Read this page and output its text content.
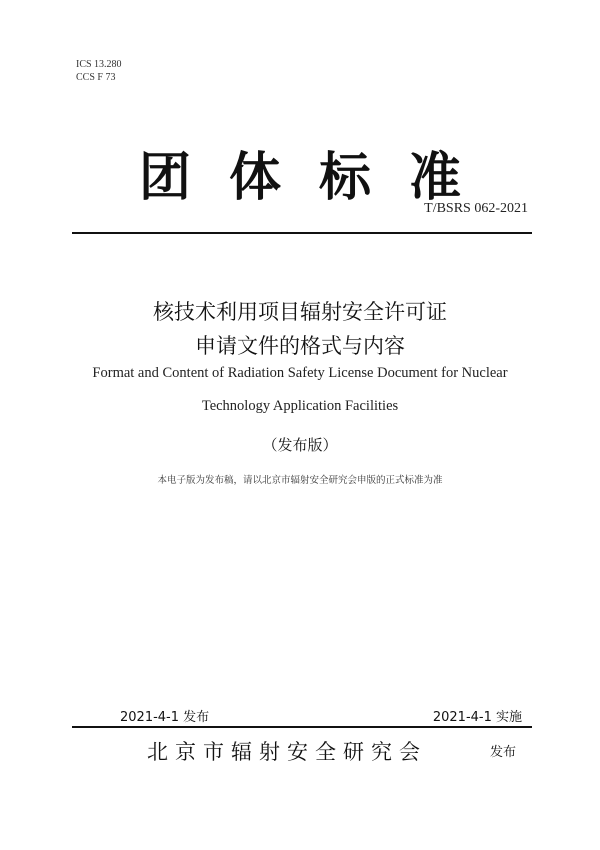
ICS 13.280
CCS F 73
团 体 标 准
T/BSRS 062-2021
核技术利用项目辐射安全许可证
申请文件的格式与内容
Format and Content of Radiation Safety License Document for Nuclear
Technology Application Facilities
（发布版）
本电子版为发布稿，请以北京市辐射安全研究会申版的正式标准为准
2021-4-1 发布	2021-4-1 实施
北京市辐射安全研究会	发布
